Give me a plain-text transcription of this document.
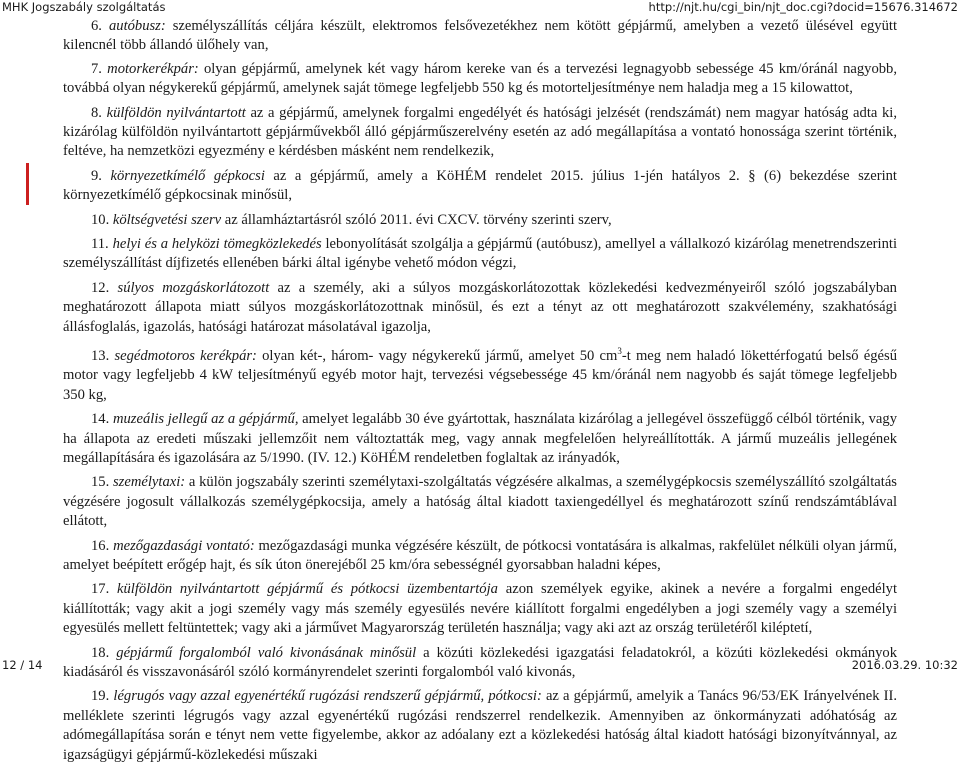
MHK Jogszabály szolgáltatás	http://njt.hu/cgi_bin/njt_doc.cgi?docid=15676.314672

6. autóbusz: személyszállítás céljára készült, elektromos felsővezetékhez nem kötött gépjármű, amelyben a vezető ülésével együtt kilencnél több állandó ülőhely van,

7. motorkerékpár: olyan gépjármű, amelynek két vagy három kereke van és a tervezési legnagyobb sebessége 45 km/óránál nagyobb, továbbá olyan négykerekű gépjármű, amelynek saját tömege legfeljebb 550 kg és motorteljesítménye nem haladja meg a 15 kilowattot,

8. külföldön nyilvántartott az a gépjármű, amelynek forgalmi engedélyét és hatósági jelzését (rendszámát) nem magyar hatóság adta ki, kizárólag külföldön nyilvántartott gépjárművekből álló gépjárműszerelvény esetén az adó megállapítása a vontató honossága szerint történik, feltéve, ha nemzetközi egyezmény e kérdésben másként nem rendelkezik,

9. környezetkímélő gépkocsi az a gépjármű, amely a KöHÉM rendelet 2015. július 1-jén hatályos 2. § (6) bekezdése szerint környezetkímélő gépkocsinak minősül,

10. költségvetési szerv az államháztartásról szóló 2011. évi CXCV. törvény szerinti szerv,

11. helyi és a helyközi tömegközlekedés lebonyolítását szolgálja a gépjármű (autóbusz), amellyel a vállalkozó kizárólag menetrendszerinti személyszállítást díjfizetés ellenében bárki által igénybe vehető módon végzi,

12. súlyos mozgáskorlátozott az a személy, aki a súlyos mozgáskorlátozottak közlekedési kedvezményeiről szóló jogszabályban meghatározott állapota miatt súlyos mozgáskorlátozottnak minősül, és ezt a tényt az ott meghatározott szakvélemény, szakhatósági állásfoglalás, igazolás, hatósági határozat másolatával igazolja,

13. segédmotoros kerékpár: olyan két-, három- vagy négykerekű jármű, amelyet 50 $cm^3-t$ meg nem haladó lökettérfogatú belső égésű motor vagy legfeljebb 4 kW teljesítményű egyéb motor hajt, tervezési végsebessége 45 km/óránál nem nagyobb és saját tömege legfeljebb 350 kg,

14. muzeális jellegű az a gépjármű, amelyet legalább 30 éve gyártottak, használata kizárólag a jellegével összefüggő célból történik, vagy ha állapota az eredeti műszaki jellemzőit nem változtatták meg, vagy annak megfelelően helyreállították. A jármű muzeális jellegének megállapítására és igazolására az 5/1990. (IV. 12.) KöHÉM rendeletben foglaltak az irányadók,

15. személytaxi: a külön jogszabály szerinti személytaxi-szolgáltatás végzésére alkalmas, a személygépkocsis személyszállító szolgáltatás végzésére jogosult vállalkozás személygépkocsija, amely a hatóság által kiadott taxiengedéllyel és meghatározott színű rendszámtáblával ellátott,

16. mezőgazdasági vontató: mezőgazdasági munka végzésére készült, de pótkocsi vontatására is alkalmas, rakfelület nélküli olyan jármű, amelyet beépített erőgép hajt, és sík úton önerejéből 25 km/óra sebességnél gyorsabban haladni képes,

17. külföldön nyilvántartott gépjármű és pótkocsi üzembentartója azon személyek egyike, akinek a nevére a forgalmi engedélyt kiállították; vagy akit a jogi személy vagy más személy egyesülés nevére kiállított forgalmi engedélyben a jogi személy vagy a személyi egyesülés mellett feltüntettek; vagy aki a járművet Magyarország területén használja; vagy aki azt az ország területéről kiléptetí,

18. gépjármű forgalomból való kivonásának minősül a közúti közlekedési igazgatási feladatokról, a közúti közlekedési okmányok kiadásáról és visszavonásáról szóló kormányrendelet szerinti forgalomból való kivonás,

19. légrugós vagy azzal egyenértékű rugózási rendszerű gépjármű, pótkocsi: az a gépjármű, amelyik a Tanács 96/53/EK Irányelvének II. melléklete szerinti légrugós vagy azzal egyenértékű rugózási rendszerrel rendelkezik. Amennyiben az önkormányzati adóhatóság az adómegállapítása során e tényt nem vette figyelembe, akkor az adóalany ezt a közlekedési hatóság által kiadott hatósági bizonyítvánnyal, az igazságügyi gépjármű-közlekedési műszaki

12 / 14	2016.03.29. 10:32
